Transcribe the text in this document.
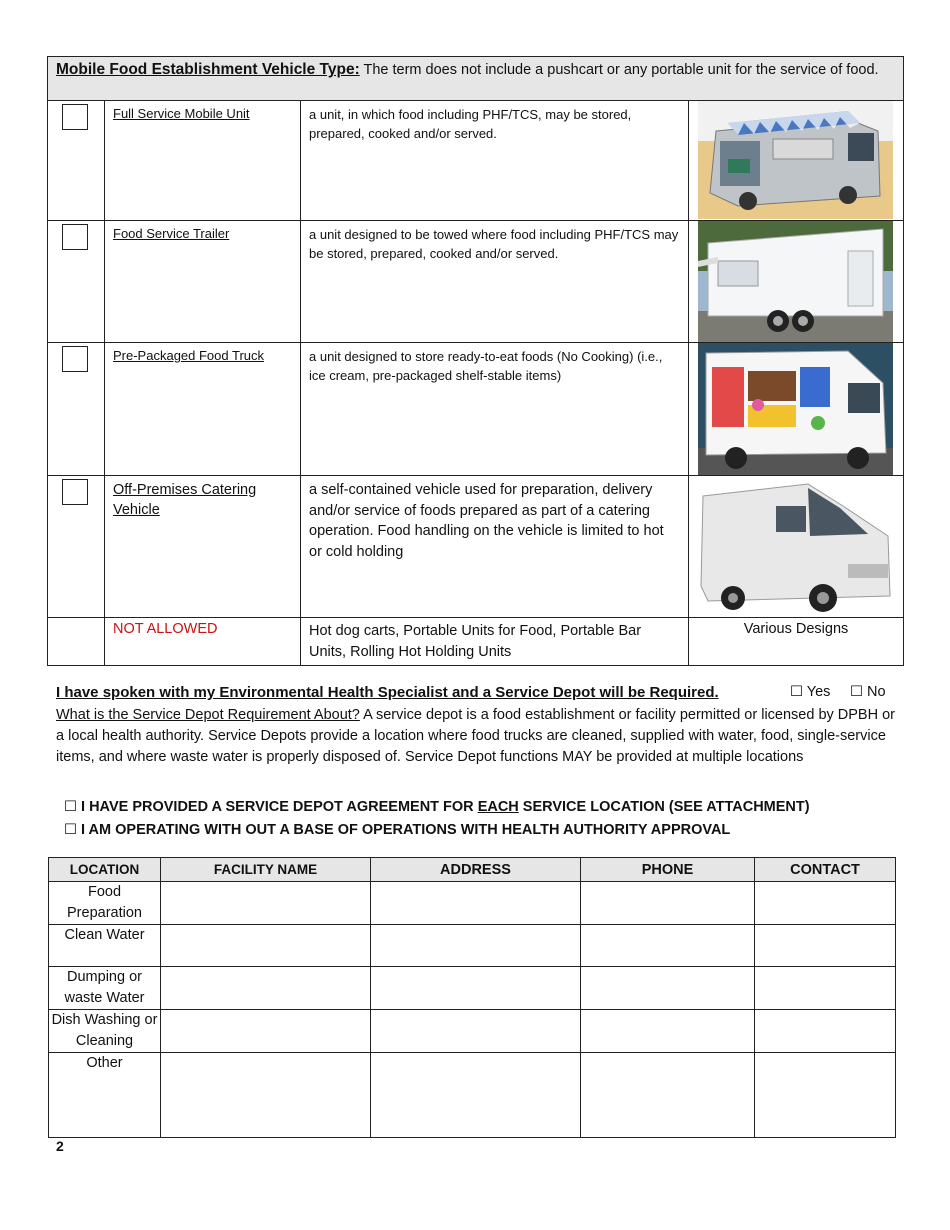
Mobile Food Establishment Vehicle Type: The term does not include a pushcart or any portable unit for the service of food.			

	Full Service Mobile Unit	a unit, in which food including PHF/TCS, may be stored, prepared, cooked and/or served.	

	Food Service Trailer	a unit designed to be towed where food including PHF/TCS may be stored, prepared, cooked and/or served.	

	Pre-Packaged Food Truck	a unit designed to store ready-to-eat foods (No Cooking) (i.e., ice cream, pre-packaged shelf-stable items)	

	Off-Premises Catering Vehicle	a self-contained vehicle used for preparation, delivery and/or service of foods prepared as part of a catering operation. Food handling on the vehicle is limited to hot or cold holding	

	NOT ALLOWED	Hot dog carts, Portable Units for Food, Portable Bar Units, Rolling Hot Holding Units	Various Designs
I have spoken with my Environmental Health Specialist and a Service Depot will be Required.	☐ Yes ☐ No
What is the Service Depot Requirement About? A service depot is a food establishment or facility permitted or licensed by DPBH or a local health authority. Service Depots provide a location where food trucks are cleaned, supplied with water, food, single-service items, and where waste water is properly disposed of. Service Depot functions MAY be provided at multiple locations
☐ I HAVE PROVIDED A SERVICE DEPOT AGREEMENT FOR EACH SERVICE LOCATION (SEE ATTACHMENT)
☐ I AM OPERATING WITH OUT A BASE OF OPERATIONS WITH HEALTH AUTHORITY APPROVAL
LOCATION	FACILITY NAME	ADDRESS	PHONE	CONTACT
Food Preparation				
Clean Water				
Dumping or waste Water				
Dish Washing or Cleaning				
Other				
2
